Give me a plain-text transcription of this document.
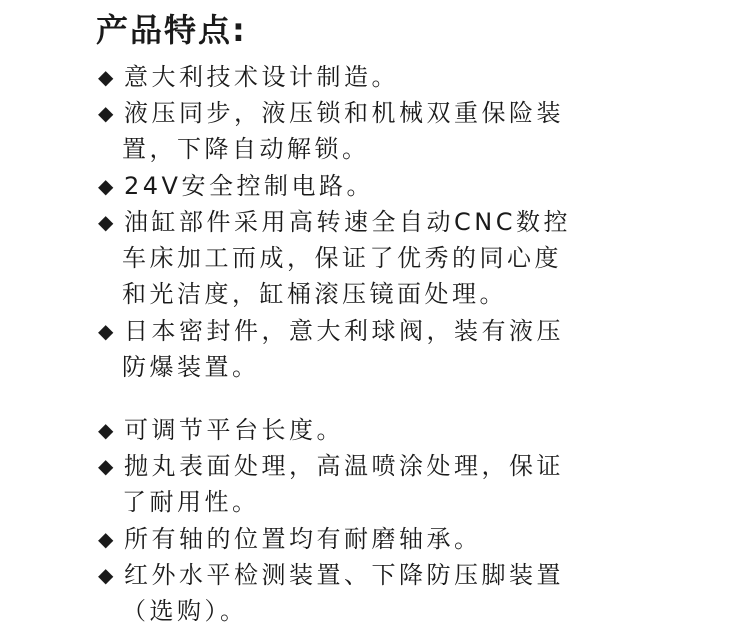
产品特点:
◆ 意大利技术设计制造。
◆ 液压同步，液压锁和机械双重保险装
置，下降自动解锁。
◆ 24V安全控制电路。
◆ 油缸部件采用高转速全自动CNC数控
车床加工而成，保证了优秀的同心度
和光洁度，缸桶滚压镜面处理。
◆ 日本密封件，意大利球阀，装有液压
防爆装置。
◆ 可调节平台长度。
◆ 抛丸表面处理，高温喷涂处理，保证
了耐用性。
◆ 所有轴的位置均有耐磨轴承。
◆ 红外水平检测装置、下降防压脚装置
（选购）。
